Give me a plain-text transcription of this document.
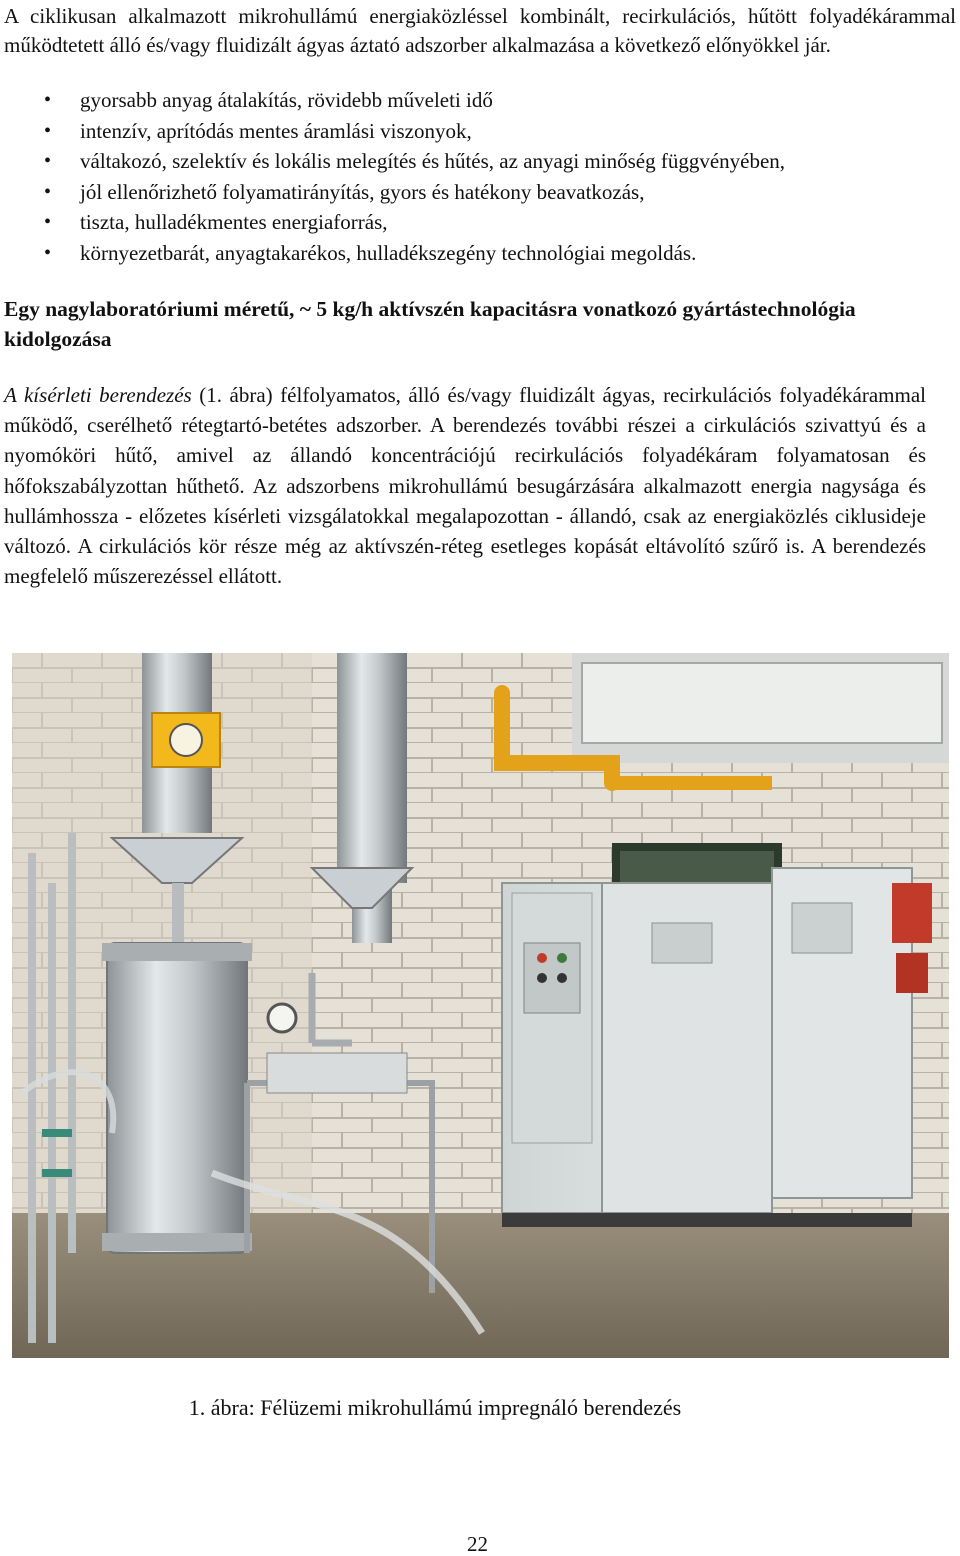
A ciklikusan alkalmazott mikrohullámú energiaközléssel kombinált, recirkulációs, hűtött folyadékárammal működtetett álló és/vagy fluidizált ágyas áztató adszorber alkalmazása a következő előnyökkel jár.

• gyorsabb anyag átalakítás, rövidebb műveleti idő
• intenzív, aprítódás mentes áramlási viszonyok,
• váltakozó, szelektív és lokális melegítés és hűtés, az anyagi minőség függvényében,
• jól ellenőrizhető folyamatirányítás, gyors és hatékony beavatkozás,
• tiszta, hulladékmentes energiaforrás,
• környezetbarát, anyagtakarékos, hulladékszegény technológiai megoldás.
Egy nagylaboratóriumi méretű, ~ 5 kg/h aktívszén kapacitásra vonatkozó gyártástechnológia kidolgozása

A kísérleti berendezés (1. ábra) félfolyamatos, álló és/vagy fluidizált ágyas, recirkulációs folyadékárammal működő, cserélhető rétegtartó-betétes adszorber. A berendezés további részei a cirkulációs szivattyú és a nyomóköri hűtő, amivel az állandó koncentrációjú recirkulációs folyadékáram folyamatosan és hőfokszabályzottan hűthető. Az adszorbens mikrohullámú besugárzására alkalmazott energia nagysága és hullámhossza - előzetes kísérleti vizsgálatokkal megalapozottan - állandó, csak az energiaközlés ciklusideje változó. A cirkulációs kör része még az aktívszén-réteg esetleges kopását eltávolító szűrő is. A berendezés megfelelő műszerezéssel ellátott.

1. ábra: Félüzemi mikrohullámú impregnáló berendezés

22
